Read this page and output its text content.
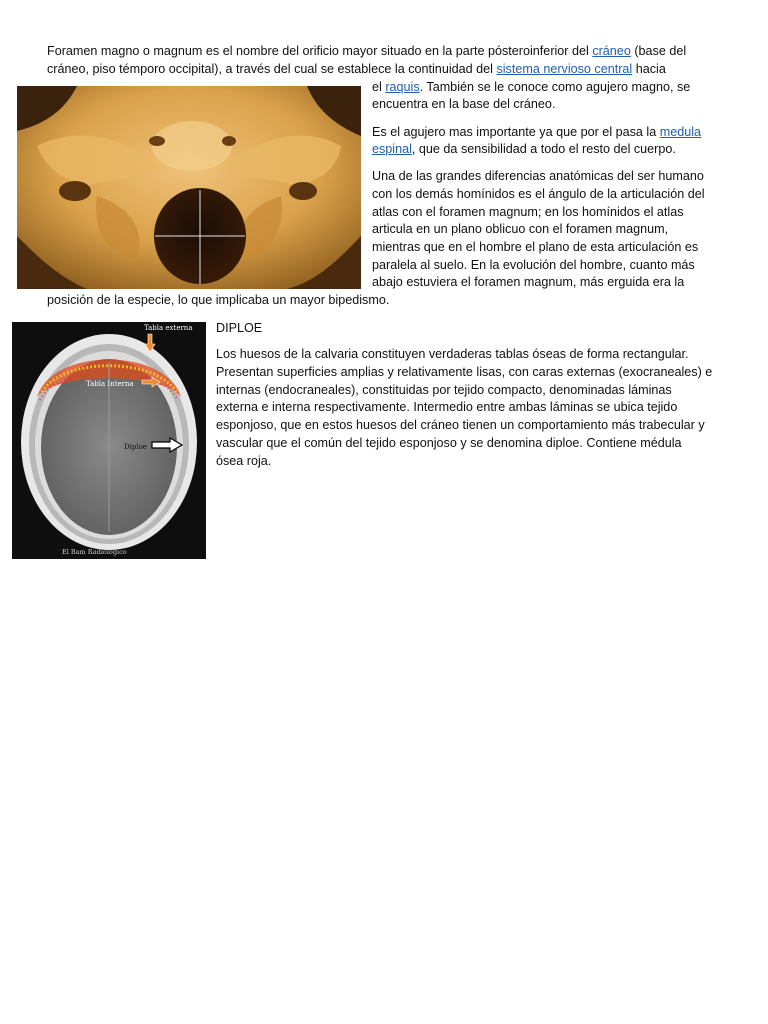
Foramen magno o magnum es el nombre del orificio mayor situado en la parte pósteroinferior del cráneo (base del
cráneo, piso témporo occipital), a través del cual se establece la continuidad del sistema nervioso central hacia
el raquis. También se le conoce como agujero magno, se
encuentra en la base del cráneo.
Es el agujero mas importante ya que por el pasa la medula
espinal, que da sensibilidad a todo el resto del cuerpo.
Una de las grandes diferencias anatómicas del ser humano
con los demás homínidos es el ángulo de la articulación del
atlas con el foramen magnum; en los homínidos el atlas
articula en un plano oblicuo con el foramen magnum,
mientras que en el hombre el plano de esta articulación es
paralela al suelo. En la evolución del hombre, cuanto más
abajo estuviera el foramen magnum, más erguida era la
posición de la especie, lo que implicaba un mayor bipedismo.
Tabla externa
Tabla Interna
Diploe
El Bam Radiológico
DIPLOE
Los huesos de la calvaria constituyen verdaderas tablas óseas de forma rectangular.
Presentan superficies amplias y relativamente lisas, con caras externas (exocraneales) e
internas (endocraneales), constituidas por tejido compacto, denominadas láminas
externa e interna respectivamente. Intermedio entre ambas láminas se ubica tejido
esponjoso, que en estos huesos del cráneo tienen un comportamiento más trabecular y
vascular que el común del tejido esponjoso y se denomina diploe. Contiene médula
ósea roja.
